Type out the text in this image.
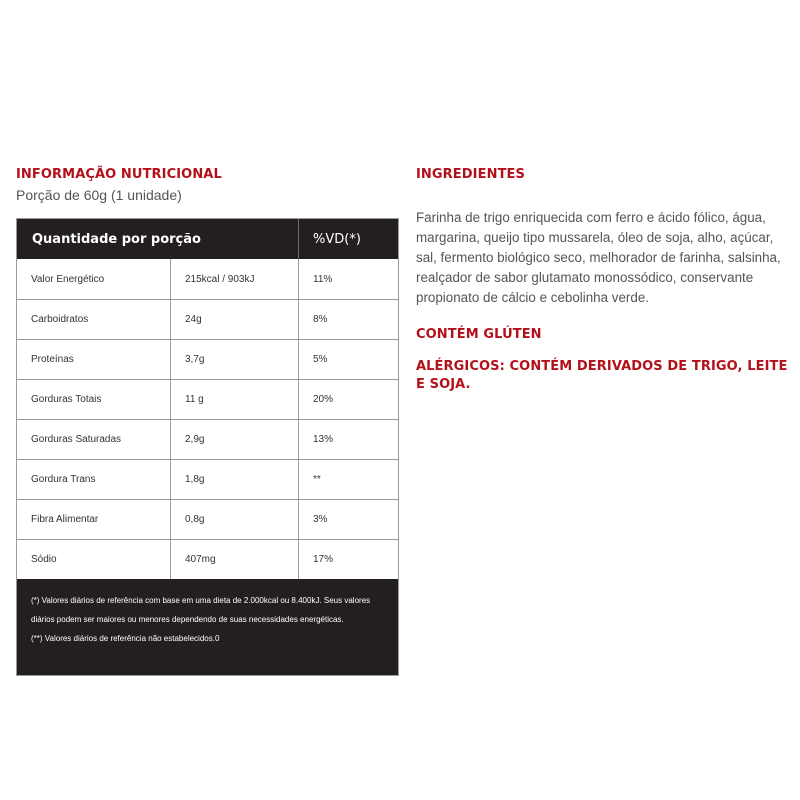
INFORMAÇÃO NUTRICIONAL
Porção de 60g (1 unidade)
Quantidade por porção	%VD(*)
Valor Energético	215kcal / 903kJ	11%
Carboidratos	24g	8%
Proteínas	3,7g	5%
Gorduras Totais	11 g	20%
Gorduras Saturadas	2,9g	13%
Gordura Trans	1,8g	**
Fibra Alimentar	0,8g	3%
Sódio	407mg	17%

(*) Valores diários de referência com base em uma dieta de 2.000kcal ou 8.400kJ. Seus valores diários podem ser maiores ou menores dependendo de suas necessidades energéticas.

(**) Valores diários de referência não estabelecidos.0

INGREDIENTES
Farinha de trigo enriquecida com ferro e ácido fólico, água, margarina, queijo tipo mussarela, óleo de soja, alho, açúcar, sal, fermento biológico seco, melhorador de farinha, salsinha, realçador de sabor glutamato monossódico, conservante propionato de cálcio e cebolinha verde.
CONTÉM GLÚTEN
ALÉRGICOS: CONTÉM DERIVADOS DE TRIGO, LEITE E SOJA.
